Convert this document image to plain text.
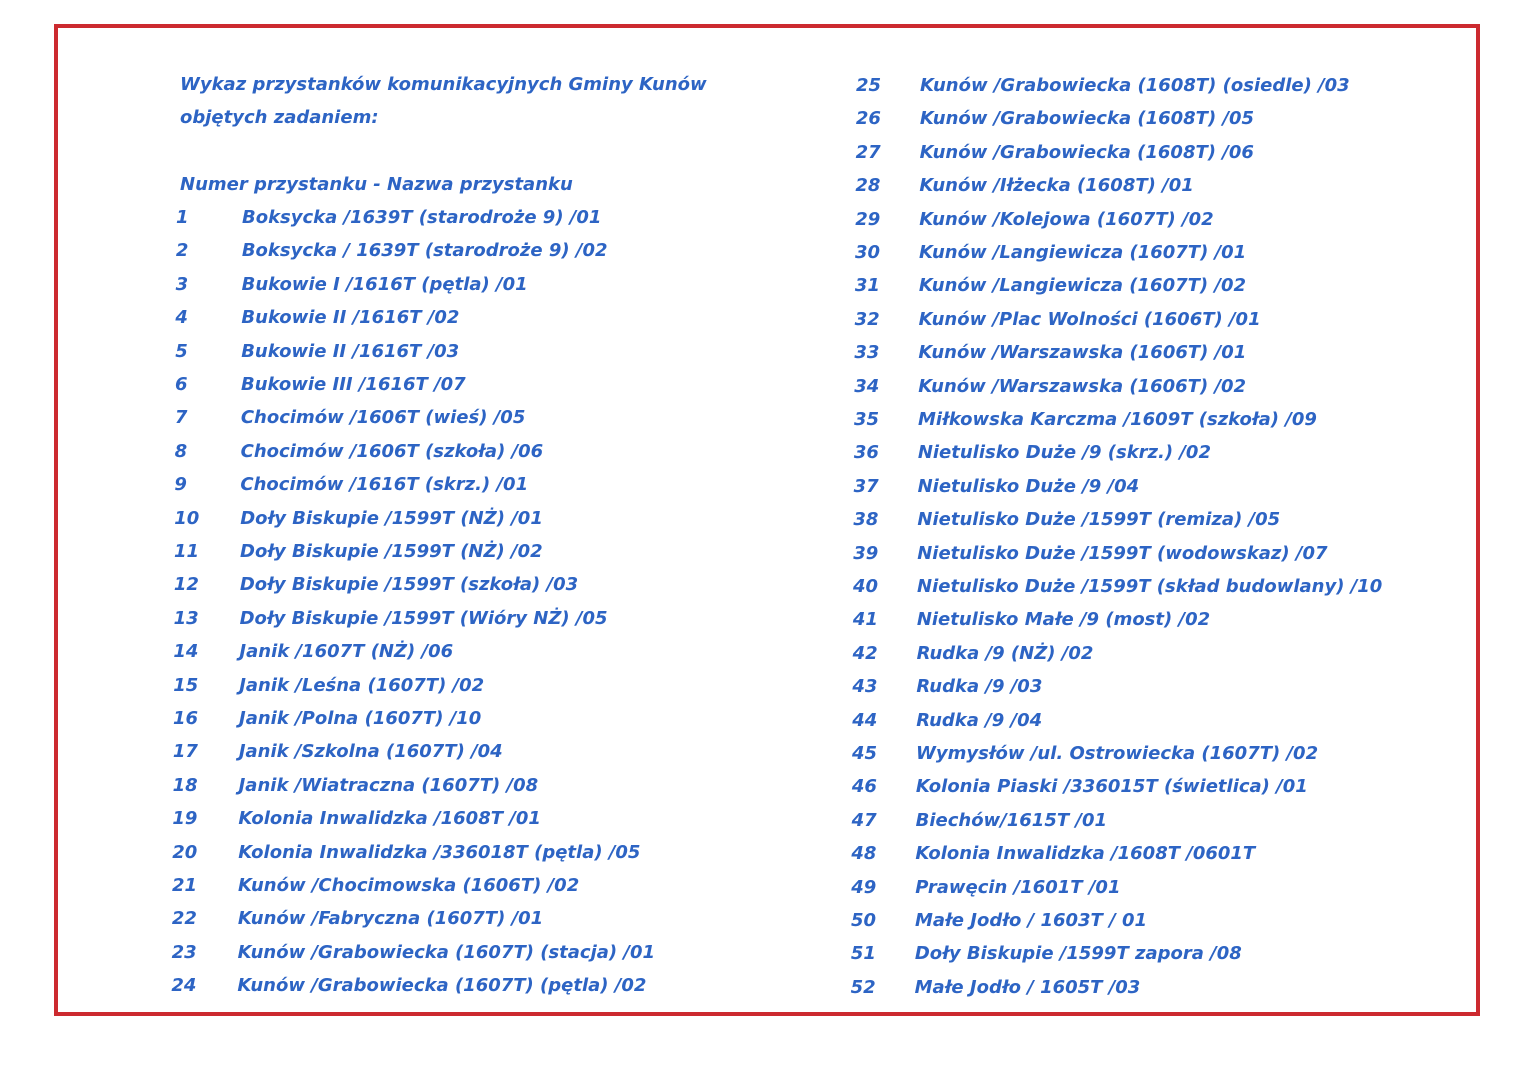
Wykaz przystanków komunikacyjnych Gminy Kunów
objętych zadaniem:
Numer przystanku - Nazwa przystanku
1	Boksycka /1639T (starodroże 9) /01
2	Boksycka / 1639T (starodroże 9) /02
3	Bukowie I /1616T (pętla) /01
4	Bukowie II /1616T /02
5	Bukowie II /1616T /03
6	Bukowie III /1616T /07
7	Chocimów /1606T (wieś) /05
8	Chocimów /1606T (szkoła) /06
9	Chocimów /1616T (skrz.) /01
10	Doły Biskupie /1599T (NŻ) /01
11	Doły Biskupie /1599T (NŻ) /02
12	Doły Biskupie /1599T (szkoła) /03
13	Doły Biskupie /1599T (Wióry NŻ) /05
14	Janik /1607T (NŻ) /06
15	Janik /Leśna (1607T) /02
16	Janik /Polna (1607T) /10
17	Janik /Szkolna (1607T) /04
18	Janik /Wiatraczna (1607T) /08
19	Kolonia Inwalidzka /1608T /01
20	Kolonia Inwalidzka /336018T (pętla) /05
21	Kunów /Chocimowska (1606T) /02
22	Kunów /Fabryczna (1607T) /01
23	Kunów /Grabowiecka (1607T) (stacja) /01
24	Kunów /Grabowiecka (1607T) (pętla) /02
25	Kunów /Grabowiecka (1608T) (osiedle) /03
26	Kunów /Grabowiecka (1608T) /05
27	Kunów /Grabowiecka (1608T) /06
28	Kunów /Iłżecka (1608T) /01
29	Kunów /Kolejowa (1607T) /02
30	Kunów /Langiewicza (1607T) /01
31	Kunów /Langiewicza (1607T) /02
32	Kunów /Plac Wolności (1606T) /01
33	Kunów /Warszawska (1606T) /01
34	Kunów /Warszawska (1606T) /02
35	Miłkowska Karczma /1609T (szkoła) /09
36	Nietulisko Duże /9 (skrz.) /02
37	Nietulisko Duże /9 /04
38	Nietulisko Duże /1599T (remiza) /05
39	Nietulisko Duże /1599T (wodowskaz) /07
40	Nietulisko Duże /1599T (skład budowlany) /10
41	Nietulisko Małe /9 (most) /02
42	Rudka /9 (NŻ) /02
43	Rudka /9 /03
44	Rudka /9 /04
45	Wymysłów /ul. Ostrowiecka (1607T) /02
46	Kolonia Piaski /336015T (świetlica) /01
47	Biechów/1615T /01
48	Kolonia Inwalidzka /1608T /0601T
49	Prawęcin /1601T /01
50	Małe Jodło / 1603T / 01
51	Doły Biskupie /1599T zapora /08
52	Małe Jodło / 1605T /03
